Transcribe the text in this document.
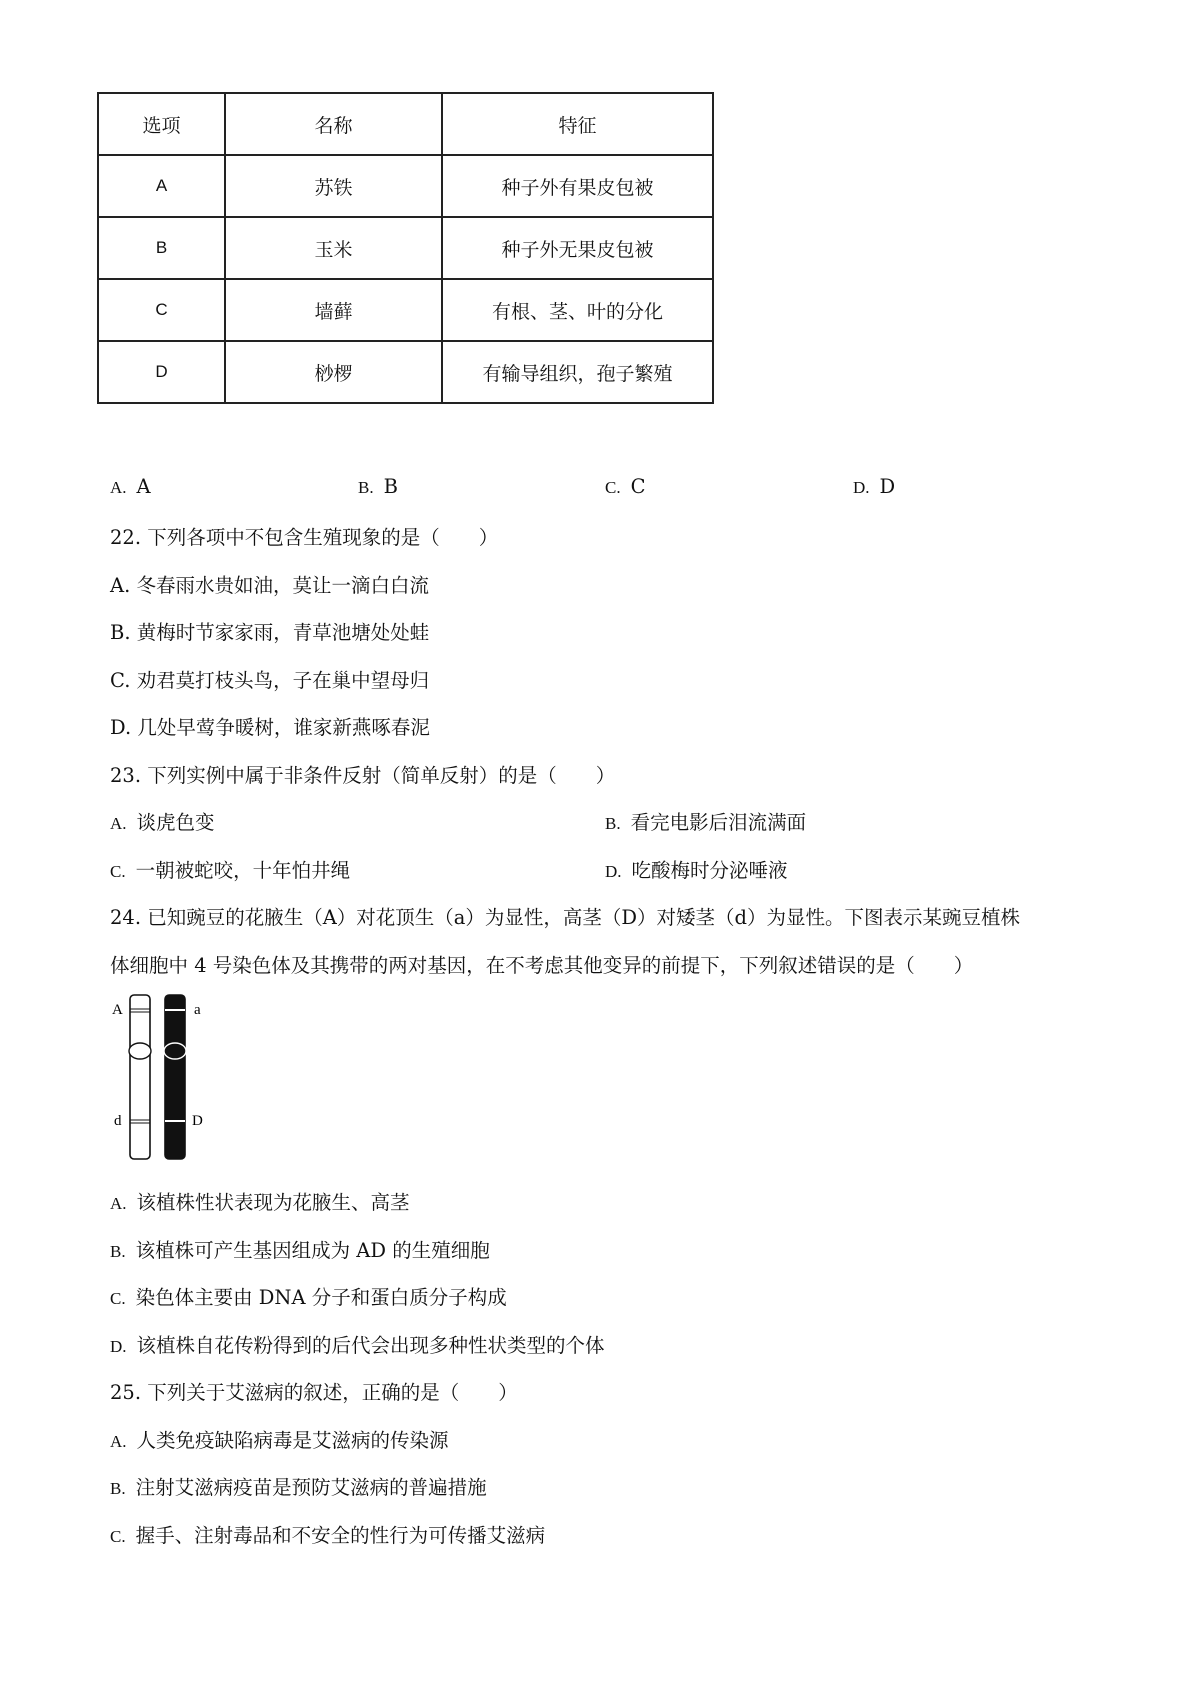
选项	名称	特征
A	苏铁	种子外有果皮包被
B	玉米	种子外无果皮包被
C	墙藓	有根、茎、叶的分化
D	桫椤	有输导组织，孢子繁殖
A. A	B. B	C. C	D. D
22. 下列各项中不包含生殖现象的是（　　）
A. 冬春雨水贵如油，莫让一滴白白流
B. 黄梅时节家家雨，青草池塘处处蛙
C. 劝君莫打枝头鸟，子在巢中望母归
D. 几处早莺争暖树，谁家新燕啄春泥
23. 下列实例中属于非条件反射（简单反射）的是（　　）
A. 谈虎色变	B. 看完电影后泪流满面
C. 一朝被蛇咬，十年怕井绳	D. 吃酸梅时分泌唾液
24. 已知豌豆的花腋生（A）对花顶生（a）为显性，高茎（D）对矮茎（d）为显性。下图表示某豌豆植株
体细胞中 4 号染色体及其携带的两对基因，在不考虑其他变异的前提下，下列叙述错误的是（　　）
A	a
d	D
A. 该植株性状表现为花腋生、高茎
B. 该植株可产生基因组成为 AD 的生殖细胞
C. 染色体主要由 DNA 分子和蛋白质分子构成
D. 该植株自花传粉得到的后代会出现多种性状类型的个体
25. 下列关于艾滋病的叙述，正确的是（　　）
A. 人类免疫缺陷病毒是艾滋病的传染源
B. 注射艾滋病疫苗是预防艾滋病的普遍措施
C. 握手、注射毒品和不安全的性行为可传播艾滋病
